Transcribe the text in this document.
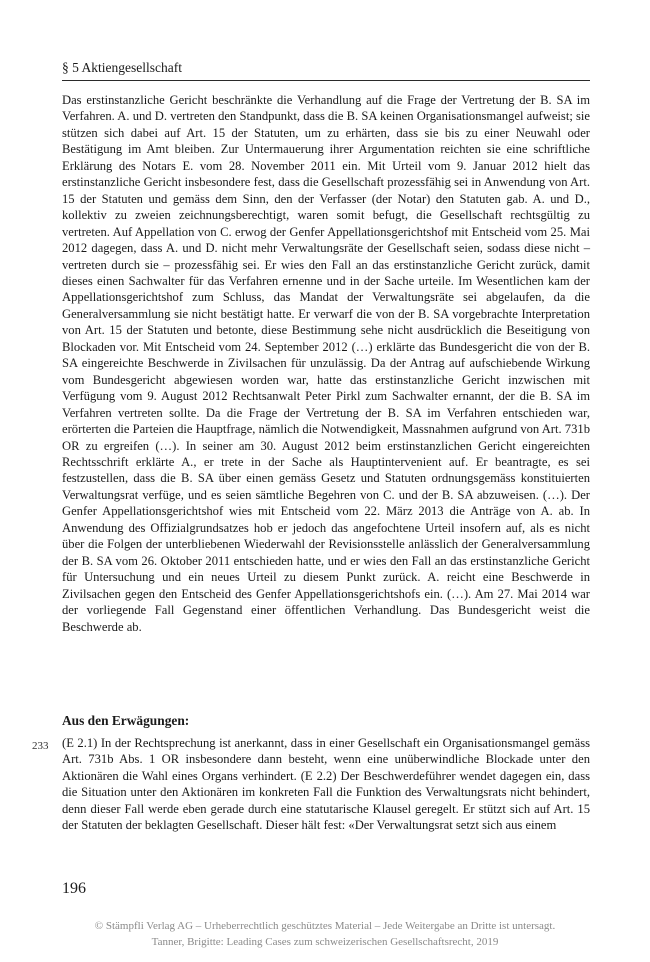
§ 5 Aktiengesellschaft

Das erstinstanzliche Gericht beschränkte die Verhandlung auf die Frage der Vertretung der B. SA im Verfahren. A. und D. vertreten den Standpunkt, dass die B. SA keinen Organisationsmangel aufweist; sie stützen sich dabei auf Art. 15 der Statuten, um zu erhärten, dass sie bis zu einer Neuwahl oder Bestätigung im Amt bleiben. Zur Untermauerung ihrer Argumentation reichten sie eine schriftliche Erklärung des Notars E. vom 28. November 2011 ein. Mit Urteil vom 9. Januar 2012 hielt das erstinstanzliche Gericht insbesondere fest, dass die Gesellschaft prozessfähig sei in Anwendung von Art. 15 der Statuten und gemäss dem Sinn, den der Verfasser (der Notar) den Statuten gab. A. und D., kollektiv zu zweien zeichnungsberechtigt, waren somit befugt, die Gesellschaft rechtsgültig zu vertreten. Auf Appellation von C. erwog der Genfer Appellationsgerichtshof mit Entscheid vom 25. Mai 2012 dagegen, dass A. und D. nicht mehr Verwaltungsräte der Gesellschaft seien, sodass diese nicht – vertreten durch sie – prozessfähig sei. Er wies den Fall an das erstinstanzliche Gericht zurück, damit dieses einen Sachwalter für das Verfahren ernenne und in der Sache urteile. Im Wesentlichen kam der Appellationsgerichtshof zum Schluss, das Mandat der Verwaltungsräte sei abgelaufen, da die Generalversammlung sie nicht bestätigt hatte. Er verwarf die von der B. SA vorgebrachte Interpretation von Art. 15 der Statuten und betonte, diese Bestimmung sehe nicht ausdrücklich die Beseitigung von Blockaden vor. Mit Entscheid vom 24. September 2012 (…) erklärte das Bundesgericht die von der B. SA eingereichte Beschwerde in Zivilsachen für unzulässig. Da der Antrag auf aufschiebende Wirkung vom Bundesgericht abgewiesen worden war, hatte das erstinstanzliche Gericht inzwischen mit Verfügung vom 9. August 2012 Rechtsanwalt Peter Pirkl zum Sachwalter ernannt, der die B. SA im Verfahren vertreten sollte. Da die Frage der Vertretung der B. SA im Verfahren entschieden war, erörterten die Parteien die Hauptfrage, nämlich die Notwendigkeit, Massnahmen aufgrund von Art. 731b OR zu ergreifen (…). In seiner am 30. August 2012 beim erstinstanzlichen Gericht eingereichten Rechtsschrift erklärte A., er trete in der Sache als Hauptintervenient auf. Er beantragte, es sei festzustellen, dass die B. SA über einen gemäss Gesetz und Statuten ordnungsgemäss konstituierten Verwaltungsrat verfüge, und es seien sämtliche Begehren von C. und der B. SA abzuweisen. (…). Der Genfer Appellationsgerichtshof wies mit Entscheid vom 22. März 2013 die Anträge von A. ab. In Anwendung des Offizialgrundsatzes hob er jedoch das angefochtene Urteil insofern auf, als es nicht über die Folgen der unterbliebenen Wiederwahl der Revisionsstelle anlässlich der Generalversammlung der B. SA vom 26. Oktober 2011 entschieden hatte, und er wies den Fall an das erstinstanzliche Gericht für Untersuchung und ein neues Urteil zu diesem Punkt zurück. A. reicht eine Beschwerde in Zivilsachen gegen den Entscheid des Genfer Appellationsgerichtshofs ein. (…). Am 27. Mai 2014 war der vorliegende Fall Gegenstand einer öffentlichen Verhandlung. Das Bundesgericht weist die Beschwerde ab.

Aus den Erwägungen:
233	(E 2.1) In der Rechtsprechung ist anerkannt, dass in einer Gesellschaft ein Organisationsmangel gemäss Art. 731b Abs. 1 OR insbesondere dann besteht, wenn eine unüberwindliche Blockade unter den Aktionären die Wahl eines Organs verhindert. (E 2.2) Der Beschwerdeführer wendet dagegen ein, dass die Situation unter den Aktionären im konkreten Fall die Funktion des Verwaltungsrats nicht behindert, denn dieser Fall werde eben gerade durch eine statutarische Klausel geregelt. Er stützt sich auf Art. 15 der Statuten der beklagten Gesellschaft. Dieser hält fest: «Der Verwaltungsrat setzt sich aus einem

196
© Stämpfli Verlag AG – Urheberrechtlich geschütztes Material – Jede Weitergabe an Dritte ist untersagt.
Tanner, Brigitte: Leading Cases zum schweizerischen Gesellschaftsrecht, 2019
